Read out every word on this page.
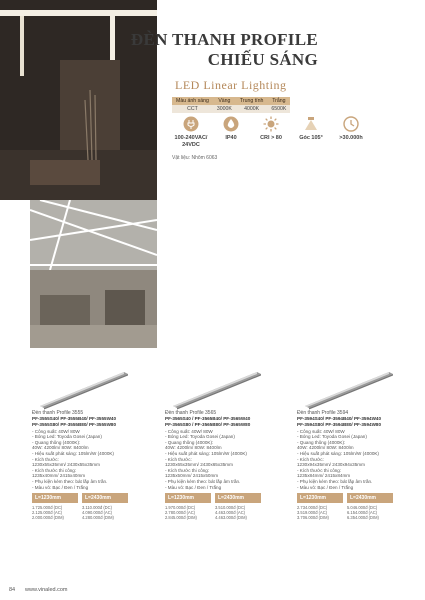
ĐÈN THANH PROFILE
CHIẾU SÁNG
LED Linear Lighting
Màu ánh sáng	Vàng	Trung tính	Trắng
CCT	3000K	4000K	6500K
100-240VAC/
24VDC
IP40	CRI > 80	Góc 105°	>30.000h
Vật liệu: Nhôm 6063
Đèn thanh Profile 3555
PF-3555S40/ PF-3555B40/ PF-3555W40
PF-3555S80/ PF-3555B80/ PF-3555W80
- Công suất: 40W/ 80W
- Bóng Led: Toyoda Gosei (Japan)
- Quang thông (4000K):
40W: 4200lm/ 80W: 8400lm
- Hiệu suất phát sáng: 105lm/W (4000K)
- Kích thước:
1230x55x35mm/ 2430x55x35mm
- Kích thước thi công:
1235x40mm/ 2415x40mm
- Phụ kiện kèm theo: bát lắp âm trần.
- Màu vỏ: Bạc / Đen / Trắng
L=1230mm	L=2430mm
1.725.000đ (DC)
2.125.000đ (AC)
2.000.000đ (DIM)
3.110.000đ (DC)
4.090.000đ (AC)
4.280.000đ (DIM)
Đèn thanh Profile 3565
PF-3565S40 / PF-3565B40/ PF-3565W40
PF-3565S80 / PF-3565B80/ PF-3565W80
- Công suất: 40W/ 80W
- Bóng Led: Toyoda Gosei (Japan)
- Quang thông (4000K):
40W: 4200lm/ 80W: 8400lm
- Hiệu suất phát sáng: 105lm/W (4000K)
- Kích thước:
1230x65x35mm/ 2430x65x35mm
- Kích thước thi công:
1235x50mm/ 2415x50mm
- Phụ kiện kèm theo: bát lắp âm trần.
- Màu vỏ: Bạc / Đen / Trắng
L=1230mm	L=2430mm
1.970.000đ (DC)
2.780.000đ (AC)
2.845.000đ (DIM)
3.510.000đ (DC)
4.463.000đ (AC)
4.463.000đ (DIM)
Đèn thanh Profile 3594
PF-3594S40/ PF-3594B40/ PF-3594W40
PF-3594S80/ PF-3594B80/ PF-3594W80
- Công suất: 40W/ 80W
- Bóng Led: Toyoda Gosei (Japan)
- Quang thông (4000K):
40W: 4200lm/ 80W: 8400lm
- Hiệu suất phát sáng: 105lm/W (4000K)
- Kích thước:
1230x94x35mm/ 2430x94x35mm
- Kích thước thi công:
1235x84mm/ 2415x84mm
- Phụ kiện kèm theo: bát lắp âm trần.
- Màu vỏ: Bạc / Đen / Trắng
L=1230mm	L=2430mm
2.734.000đ (DC)
3.519.000đ (AC)
3.706.000đ (DIM)
5.046.000đ (DC)
6.154.000đ (AC)
6.354.000đ (DIM)
84 www.vinaled.com
